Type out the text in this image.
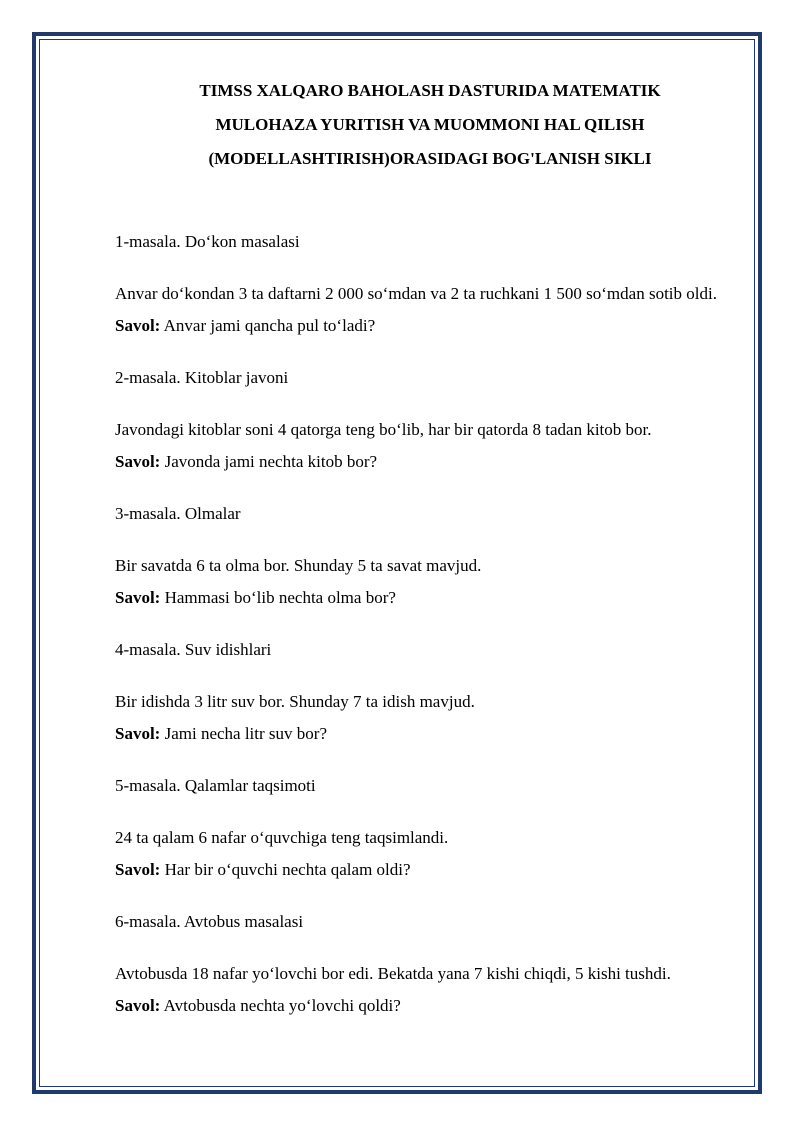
TIMSS XALQARO BAHOLASH DASTURIDA MATEMATIK
MULOHAZA YURITISH VA MUOMMONI HAL QILISH
(MODELLASHTIRISH)ORASIDAGI BOG'LANISH SIKLI

1-masala. Do‘kon masalasi

Anvar do‘kondan 3 ta daftarni 2 000 so‘mdan va 2 ta ruchkani 1 500 so‘mdan sotib oldi.

Savol: Anvar jami qancha pul to‘ladi?

2-masala. Kitoblar javoni

Javondagi kitoblar soni 4 qatorga teng bo‘lib, har bir qatorda 8 tadan kitob bor.

Savol: Javonda jami nechta kitob bor?

3-masala. Olmalar

Bir savatda 6 ta olma bor. Shunday 5 ta savat mavjud.

Savol: Hammasi bo‘lib nechta olma bor?

4-masala. Suv idishlari

Bir idishda 3 litr suv bor. Shunday 7 ta idish mavjud.

Savol: Jami necha litr suv bor?

5-masala. Qalamlar taqsimoti

24 ta qalam 6 nafar o‘quvchiga teng taqsimlandi.

Savol: Har bir o‘quvchi nechta qalam oldi?

6-masala. Avtobus masalasi

Avtobusda 18 nafar yo‘lovchi bor edi. Bekatda yana 7 kishi chiqdi, 5 kishi tushdi.

Savol: Avtobusda nechta yo‘lovchi qoldi?
